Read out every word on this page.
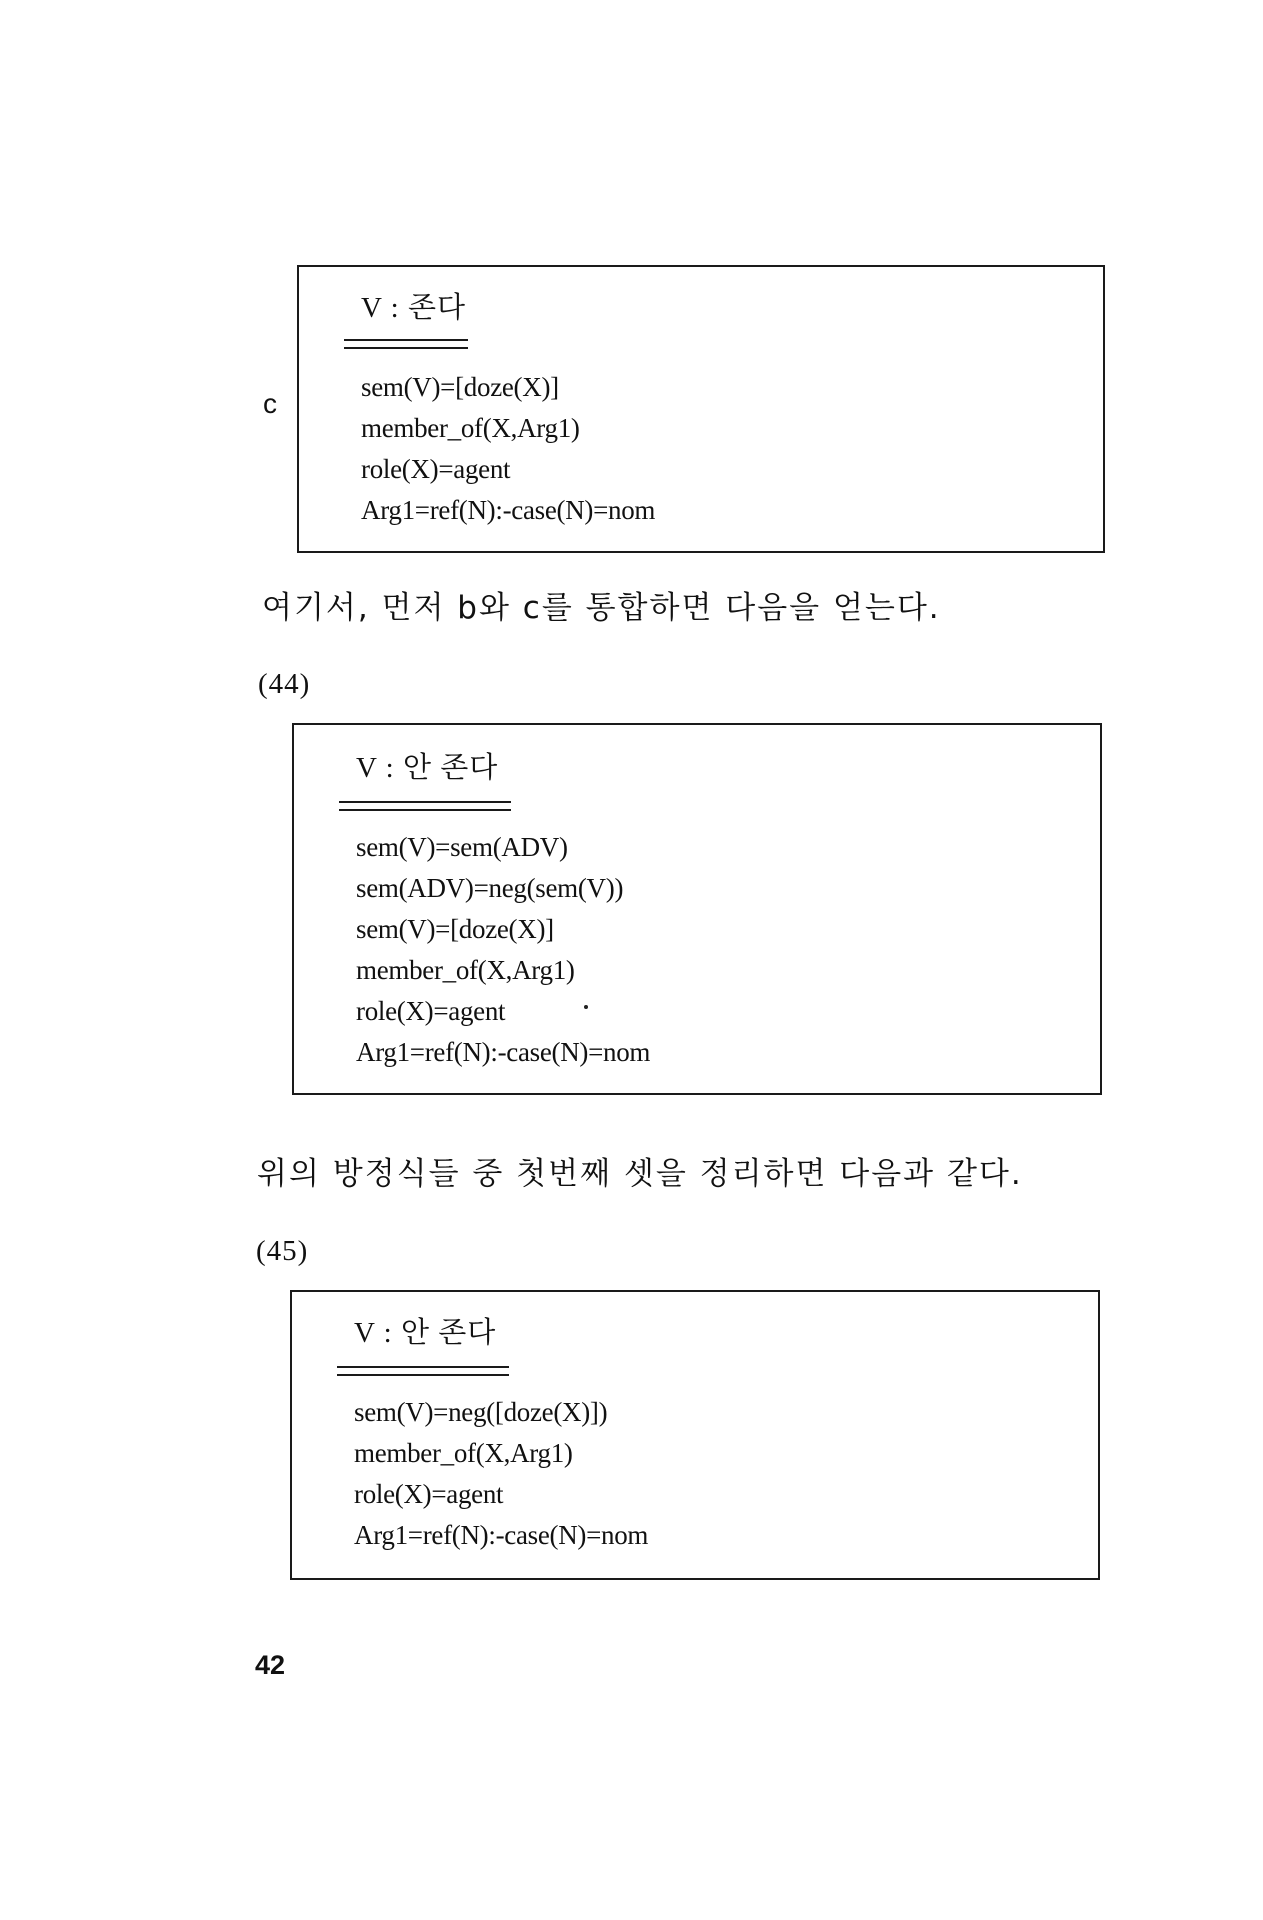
c
V : 존다
sem(V)=[doze(X)]
member_of(X,Arg1)
role(X)=agent
Arg1=ref(N):-case(N)=nom
여기서, 먼저 b와 c를 통합하면 다음을 얻는다.
(44)
V : 안 존다
sem(V)=sem(ADV)
sem(ADV)=neg(sem(V))
sem(V)=[doze(X)]
member_of(X,Arg1)
role(X)=agent
Arg1=ref(N):-case(N)=nom
위의 방정식들 중 첫번째 셋을 정리하면 다음과 같다.
(45)
V : 안 존다
sem(V)=neg([doze(X)])
member_of(X,Arg1)
role(X)=agent
Arg1=ref(N):-case(N)=nom
42
